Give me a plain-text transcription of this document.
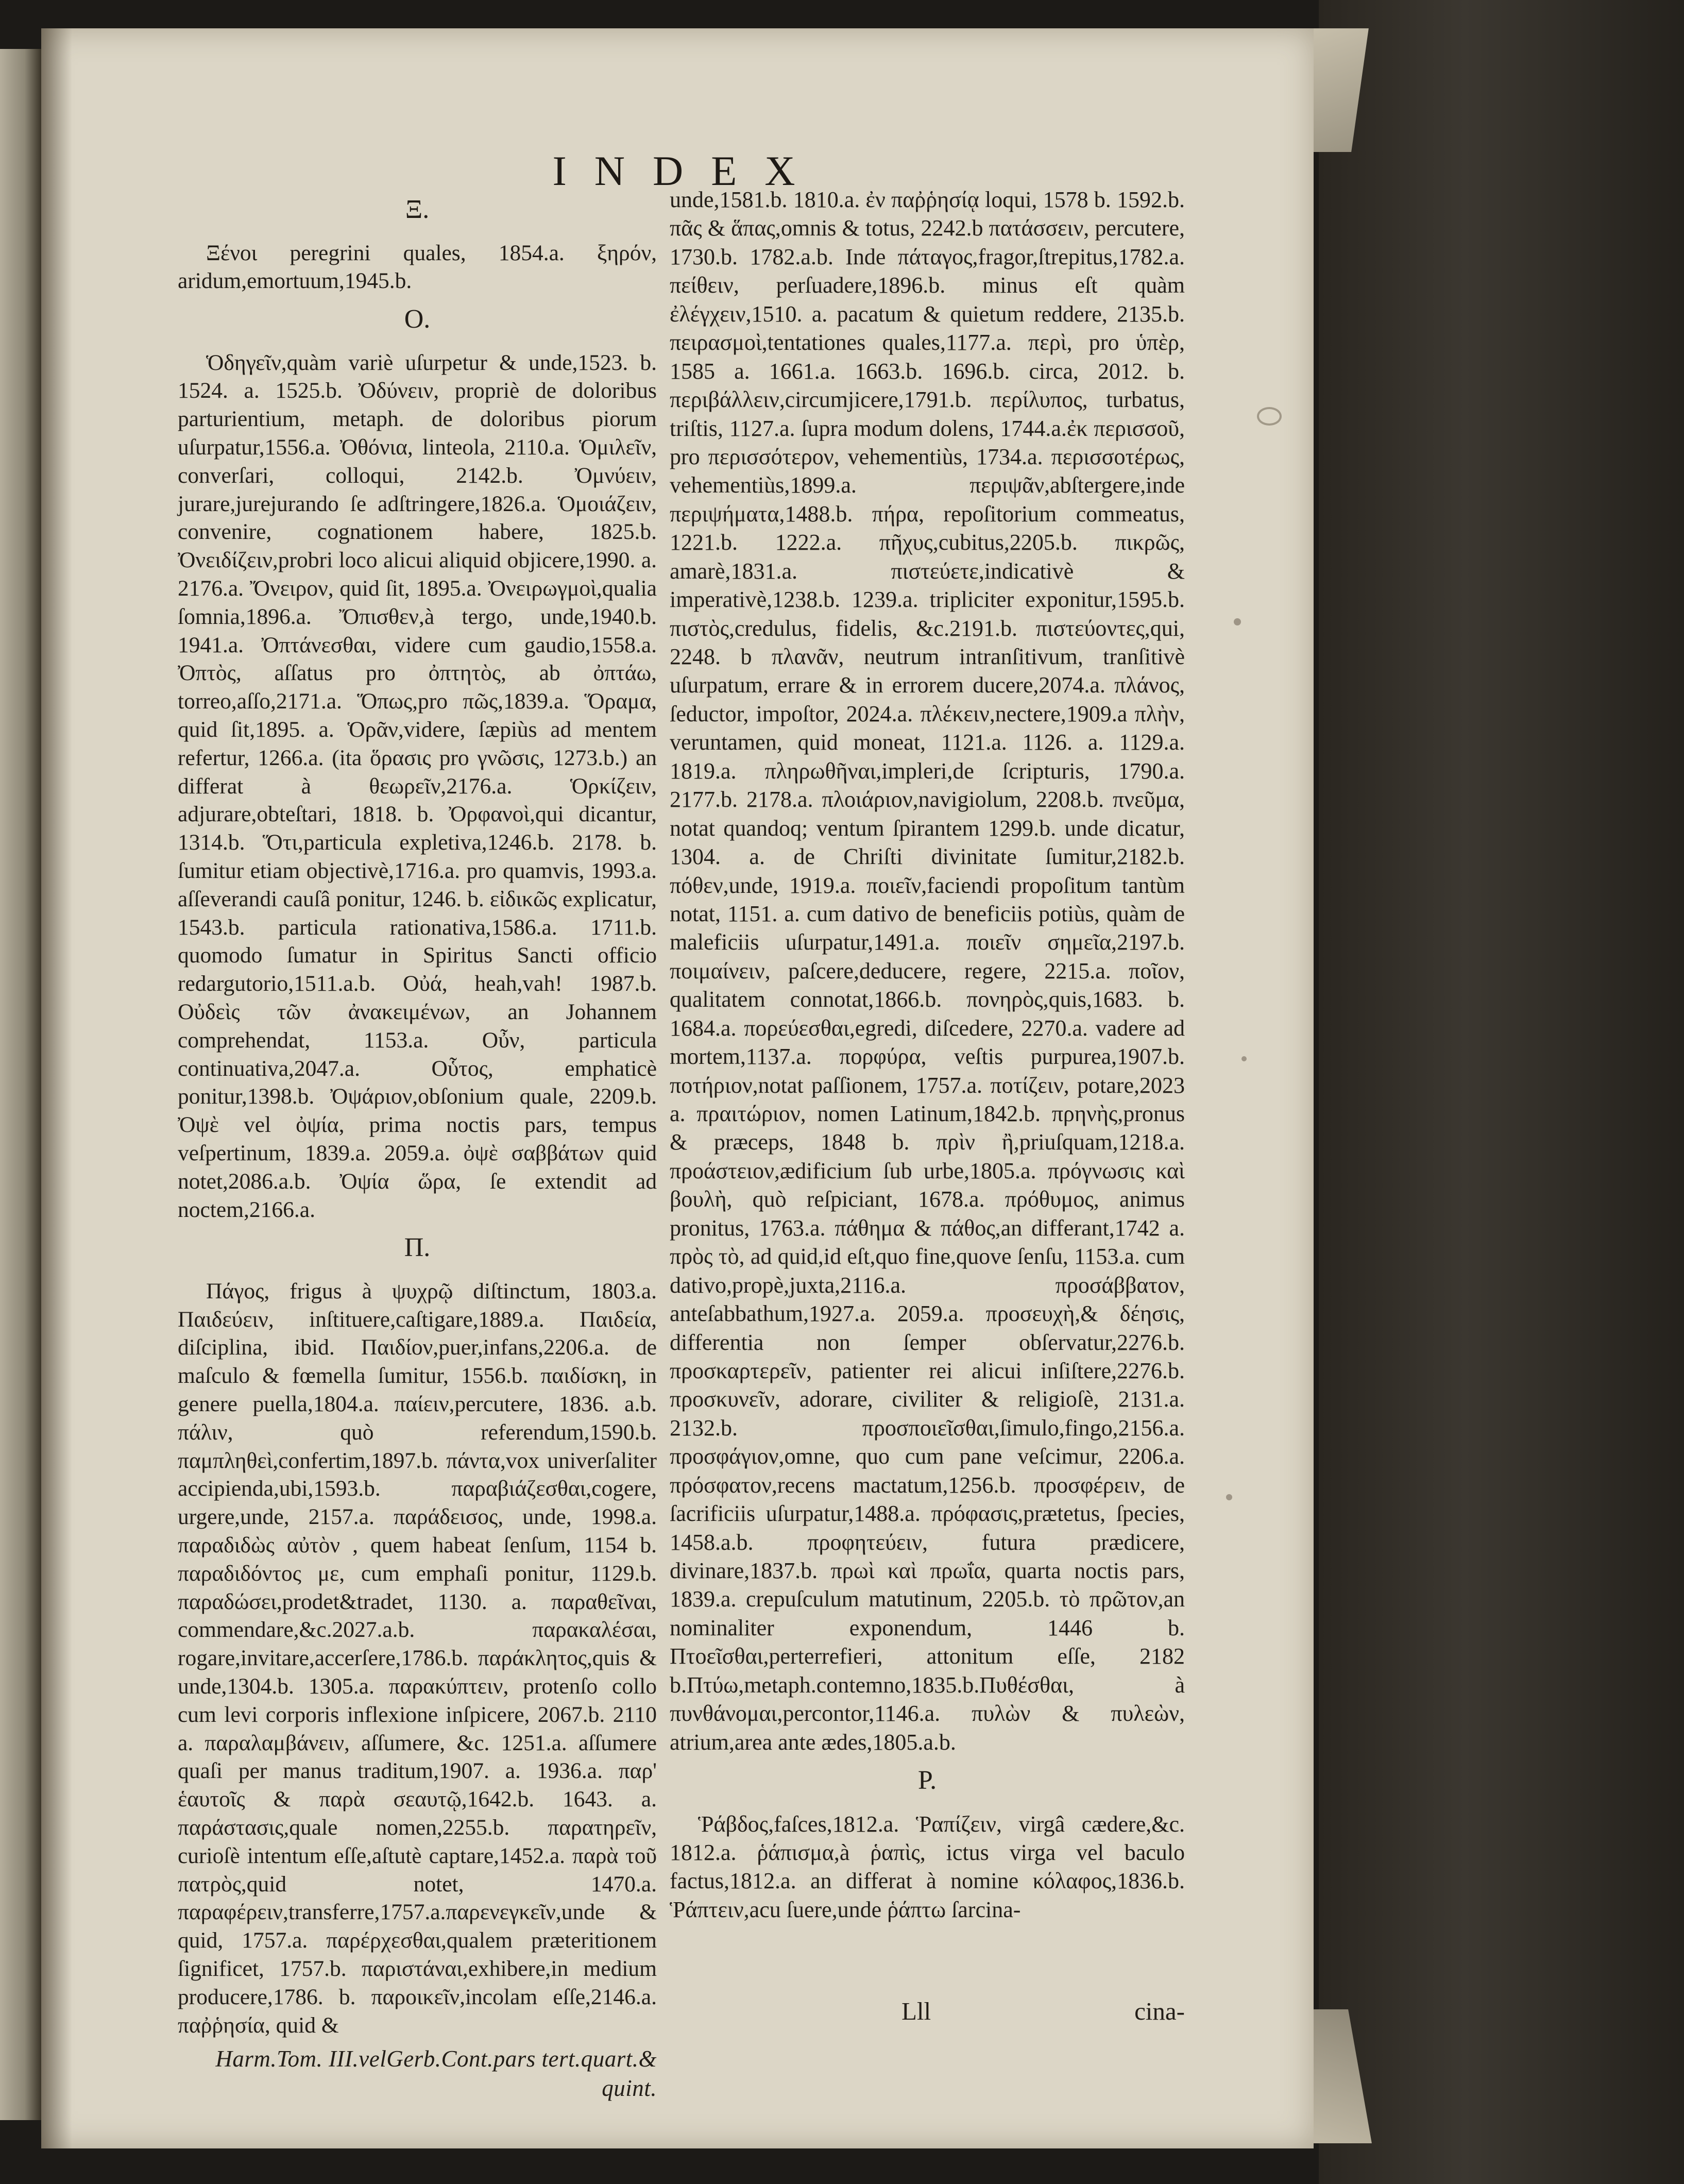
INDEX
Ξ.

Ξένοι peregrini quales, 1854.a. ξηρόν, aridum,emortuum,1945.b.

O.

Ὁδηγεῖν,quàm variè uſurpetur & unde,1523. b. 1524. a. 1525.b. Ὀδύνειν, propriè de doloribus parturientium, metaph. de doloribus piorum uſurpatur,1556.a. Ὀθόνια, linteola, 2110.a. Ὁμιλεῖν, converſari, colloqui, 2142.b. Ὀμνύειν, jurare,jurejurando ſe adſtringere,1826.a. Ὁμοιάζειν, convenire, cognationem habere, 1825.b. Ὀνειδίζειν,probri loco alicui aliquid objicere,1990. a. 2176.a. Ὄνειρον, quid ſit, 1895.a. Ὀνειρωγμοὶ,qualia ſomnia,1896.a. Ὄπισθεν,à tergo, unde,1940.b. 1941.a. Ὀπτάνεσθαι, videre cum gaudio,1558.a. Ὀπτὸς, aſſatus pro ὀπτητὸς, ab ὀπτάω, torreo,aſſo,2171.a. Ὅπως,pro πῶς,1839.a. Ὅραμα, quid ſit,1895. a. Ὁρᾶν,videre, ſæpiùs ad mentem refertur, 1266.a. (ita ὅρασις pro γνῶσις, 1273.b.) an differat à θεωρεῖν,2176.a. Ὁρκίζειν, adjurare,obteſtari, 1818. b. Ὀρφανοὶ,qui dicantur, 1314.b. Ὅτι,particula expletiva,1246.b. 2178. b. ſumitur etiam objectivè,1716.a. pro quamvis, 1993.a. aſſeverandi cauſâ ponitur, 1246. b. εἰδικῶς explicatur, 1543.b. particula rationativa,1586.a. 1711.b. quomodo ſumatur in Spiritus Sancti officio redargutorio,1511.a.b. Οὐά, heah,vah! 1987.b. Οὐδεὶς τῶν ἀνακειμένων, an Johannem comprehendat, 1153.a. Οὖν, particula continuativa,2047.a. Οὗτος, emphaticè ponitur,1398.b. Ὀψάριον,obſonium quale, 2209.b. Ὀψὲ vel ὀψία, prima noctis pars, tempus veſpertinum, 1839.a. 2059.a. ὀψὲ σαββάτων quid notet,2086.a.b. Ὀψία ὥρα, ſe extendit ad noctem,2166.a.

Π.

Πάγος, frigus à ψυχρῷ diſtinctum, 1803.a. Παιδεύειν, inſtituere,caſtigare,1889.a. Παιδεία, diſciplina, ibid. Παιδίον,puer,infans,2206.a. de maſculo & fœmella ſumitur, 1556.b. παιδίσκη, in genere puella,1804.a. παίειν,percutere, 1836. a.b. πάλιν, quò referendum,1590.b. παμπληθεὶ,confertim,1897.b. πάντα,vox univerſaliter accipienda,ubi,1593.b. παραβιάζεσθαι,cogere, urgere,unde, 2157.a. παράδεισος, unde, 1998.a. παραδιδὼς αὐτὸν , quem habeat ſenſum, 1154 b. παραδιδόντος με, cum emphaſi ponitur, 1129.b. παραδώσει,prodet&tradet, 1130. a. παραθεῖναι, commendare,&c.2027.a.b. παρακαλέσαι, rogare,invitare,accerſere,1786.b. παράκλητος,quis & unde,1304.b. 1305.a. παρακύπτειν, protenſo collo cum levi corporis inflexione inſpicere, 2067.b. 2110 a. παραλαμβάνειν, aſſumere, &c. 1251.a. aſſumere quaſi per manus traditum,1907. a. 1936.a. παρ' ἑαυτοῖς & παρὰ σεαυτῷ,1642.b. 1643. a. παράστασις,quale nomen,2255.b. παρατηρεῖν, curioſè intentum eſſe,aſtutè captare,1452.a. παρὰ τοῦ πατρὸς,quid notet, 1470.a. παραφέρειν,transferre,1757.a.παρενεγκεῖν,unde & quid, 1757.a. παρέρχεσθαι,qualem præteritionem ſignificet, 1757.b. παριστάναι,exhibere,in medium producere,1786. b. παροικεῖν,incolam eſſe,2146.a. παῤῥησία, quid &

Harm.Tom. III.velGerb.Cont.pars tert.quart.& quint.

unde,1581.b. 1810.a. ἐν παῤῥησίᾳ loqui, 1578 b. 1592.b. πᾶς & ἅπας,omnis & totus, 2242.b πατάσσειν, percutere, 1730.b. 1782.a.b. Inde πάταγος,fragor,ſtrepitus,1782.a. πείθειν, perſuadere,1896.b. minus eſt quàm ἐλέγχειν,1510. a. pacatum & quietum reddere, 2135.b. πειρασμοὶ,tentationes quales,1177.a. περὶ, pro ὑπὲρ, 1585 a. 1661.a. 1663.b. 1696.b. circa, 2012. b. περιβάλλειν,circumjicere,1791.b. περίλυπος, turbatus, triſtis, 1127.a. ſupra modum dolens, 1744.a.ἐκ περισσοῦ, pro περισσότερον, vehementiùs, 1734.a. περισσοτέρως, vehementiùs,1899.a. περιψᾶν,abſtergere,inde περιψήματα,1488.b. πήρα, repoſitorium commeatus, 1221.b. 1222.a. πῆχυς,cubitus,2205.b. πικρῶς, amarè,1831.a. πιστεύετε,indicativè & imperativè,1238.b. 1239.a. tripliciter exponitur,1595.b. πιστὸς,credulus, fidelis, &c.2191.b. πιστεύοντες,qui, 2248. b πλανᾶν, neutrum intranſitivum, tranſitivè uſurpatum, errare & in errorem ducere,2074.a. πλάνος, ſeductor, impoſtor, 2024.a. πλέκειν,nectere,1909.a πλὴν, veruntamen, quid moneat, 1121.a. 1126. a. 1129.a. 1819.a. πληρωθῆναι,impleri,de ſcripturis, 1790.a. 2177.b. 2178.a. πλοιάριον,navigiolum, 2208.b. πνεῦμα, notat quandoq; ventum ſpirantem 1299.b. unde dicatur, 1304. a. de Chriſti divinitate ſumitur,2182.b. πόθεν,unde, 1919.a. ποιεῖν,faciendi propoſitum tantùm notat, 1151. a. cum dativo de beneficiis potiùs, quàm de maleficiis uſurpatur,1491.a. ποιεῖν σημεῖα,2197.b. ποιμαίνειν, paſcere,deducere, regere, 2215.a. ποῖον, qualitatem connotat,1866.b. πονηρὸς,quis,1683. b. 1684.a. πορεύεσθαι,egredi, diſcedere, 2270.a. vadere ad mortem,1137.a. πορφύρα, veſtis purpurea,1907.b. ποτήριον,notat paſſionem, 1757.a. ποτίζειν, potare,2023 a. πραιτώριον, nomen Latinum,1842.b. πρηνὴς,pronus & præceps, 1848 b. πρὶν ἢ,priuſquam,1218.a. προάστειον,ædificium ſub urbe,1805.a. πρόγνωσις καὶ βουλὴ, quò reſpiciant, 1678.a. πρόθυμος, animus pronitus, 1763.a. πάθημα & πάθος,an differant,1742 a. πρὸς τὸ, ad quid,id eſt,quo fine,quove ſenſu, 1153.a. cum dativo,propè,juxta,2116.a. προσάββατον, anteſabbathum,1927.a. 2059.a. προσευχὴ,& δέησις, differentia non ſemper obſervatur,2276.b. προσκαρτερεῖν, patienter rei alicui inſiſtere,2276.b. προσκυνεῖν, adorare, civiliter & religioſè, 2131.a. 2132.b. προσποιεῖσθαι,ſimulo,fingo,2156.a. προσφάγιον,omne, quo cum pane veſcimur, 2206.a. πρόσφατον,recens mactatum,1256.b. προσφέρειν, de ſacrificiis uſurpatur,1488.a. πρόφασις,prætetus, ſpecies, 1458.a.b. προφητεύειν, futura prædicere, divinare,1837.b. πρωὶ καὶ πρωΐα, quarta noctis pars, 1839.a. crepuſculum matutinum, 2205.b. τὸ πρῶτον,an nominaliter exponendum, 1446 b. Πτοεῖσθαι,perterrefieri, attonitum eſſe, 2182 b.Πτύω,metaph.contemno,1835.b.Πυθέσθαι, à πυνθάνομαι,percontor,1146.a. πυλὼν & πυλεὼν, atrium,area ante ædes,1805.a.b.

P.

Ῥάβδος,faſces,1812.a. Ῥαπίζειν, virgâ cædere,&c. 1812.a. ῥάπισμα,à ῥαπὶς, ictus virga vel baculo factus,1812.a. an differat à nomine κόλαφος,1836.b. Ῥάπτειν,acu ſuere,unde ῥάπτω ſarcina-

Lll	cina-
